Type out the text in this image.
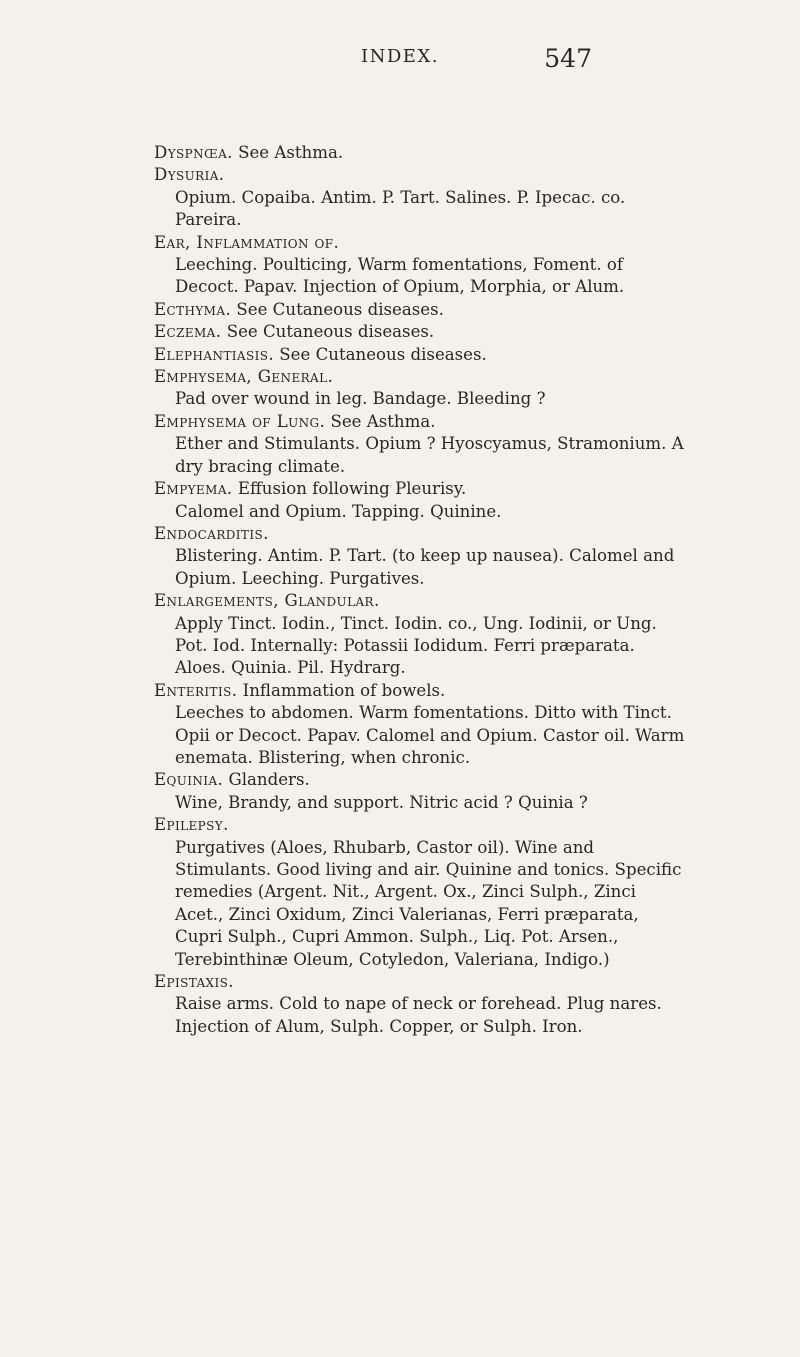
INDEX.	547

Dyspnœa. See Asthma.

Dysuria.

Opium. Copaiba. Antim. P. Tart. Salines. P. Ipecac. co. Pareira.

Ear, Inflammation of.

Leeching. Poulticing, Warm fomentations, Foment. of Decoct. Papav. Injection of Opium, Morphia, or Alum.

Ecthyma. See Cutaneous diseases.

Eczema. See Cutaneous diseases.

Elephantiasis. See Cutaneous diseases.

Emphysema, General.

Pad over wound in leg. Bandage. Bleeding ?

Emphysema of Lung. See Asthma.

Ether and Stimulants. Opium ? Hyoscyamus, Stramonium. A dry bracing climate.

Empyema. Effusion following Pleurisy.

Calomel and Opium. Tapping. Quinine.

Endocarditis.

Blistering. Antim. P. Tart. (to keep up nausea). Calomel and Opium. Leeching. Purgatives.

Enlargements, Glandular.

Apply Tinct. Iodin., Tinct. Iodin. co., Ung. Iodinii, or Ung. Pot. Iod. Internally: Potassii Iodidum. Ferri præparata. Aloes. Quinia. Pil. Hydrarg.

Enteritis. Inflammation of bowels.

Leeches to abdomen. Warm fomentations. Ditto with Tinct. Opii or Decoct. Papav. Calomel and Opium. Castor oil. Warm enemata. Blistering, when chronic.

Equinia. Glanders.

Wine, Brandy, and support. Nitric acid ? Quinia ?

Epilepsy.

Purgatives (Aloes, Rhubarb, Castor oil). Wine and Stimulants. Good living and air. Quinine and tonics. Specific remedies (Argent. Nit., Argent. Ox., Zinci Sulph., Zinci Acet., Zinci Oxidum, Zinci Valerianas, Ferri præparata, Cupri Sulph., Cupri Ammon. Sulph., Liq. Pot. Arsen., Terebinthinæ Oleum, Cotyledon, Valeriana, Indigo.)

Epistaxis.

Raise arms. Cold to nape of neck or forehead. Plug nares. Injection of Alum, Sulph. Copper, or Sulph. Iron.
